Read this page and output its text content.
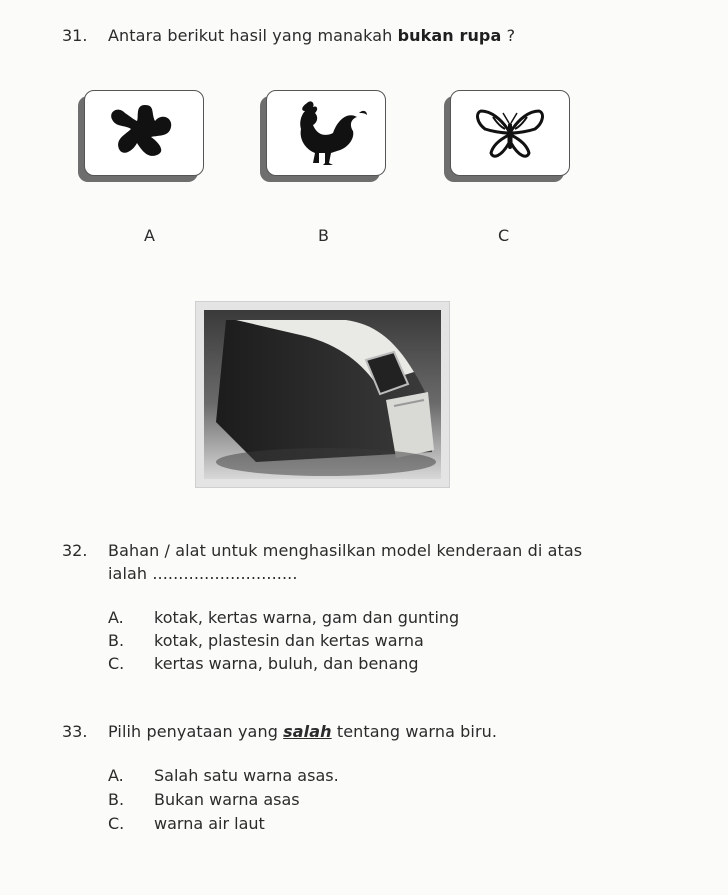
31. Antara berikut hasil yang manakah bukan rupa ?
A	B	C
32. Bahan / alat untuk menghasilkan model kenderaan di atas
ialah ............................
A. kotak, kertas warna, gam dan gunting
B. kotak, plastesin dan kertas warna
C. kertas warna, buluh, dan benang
33. Pilih penyataan yang salah tentang warna biru.
A. Salah satu warna asas.
B. Bukan warna asas
C. warna air laut
